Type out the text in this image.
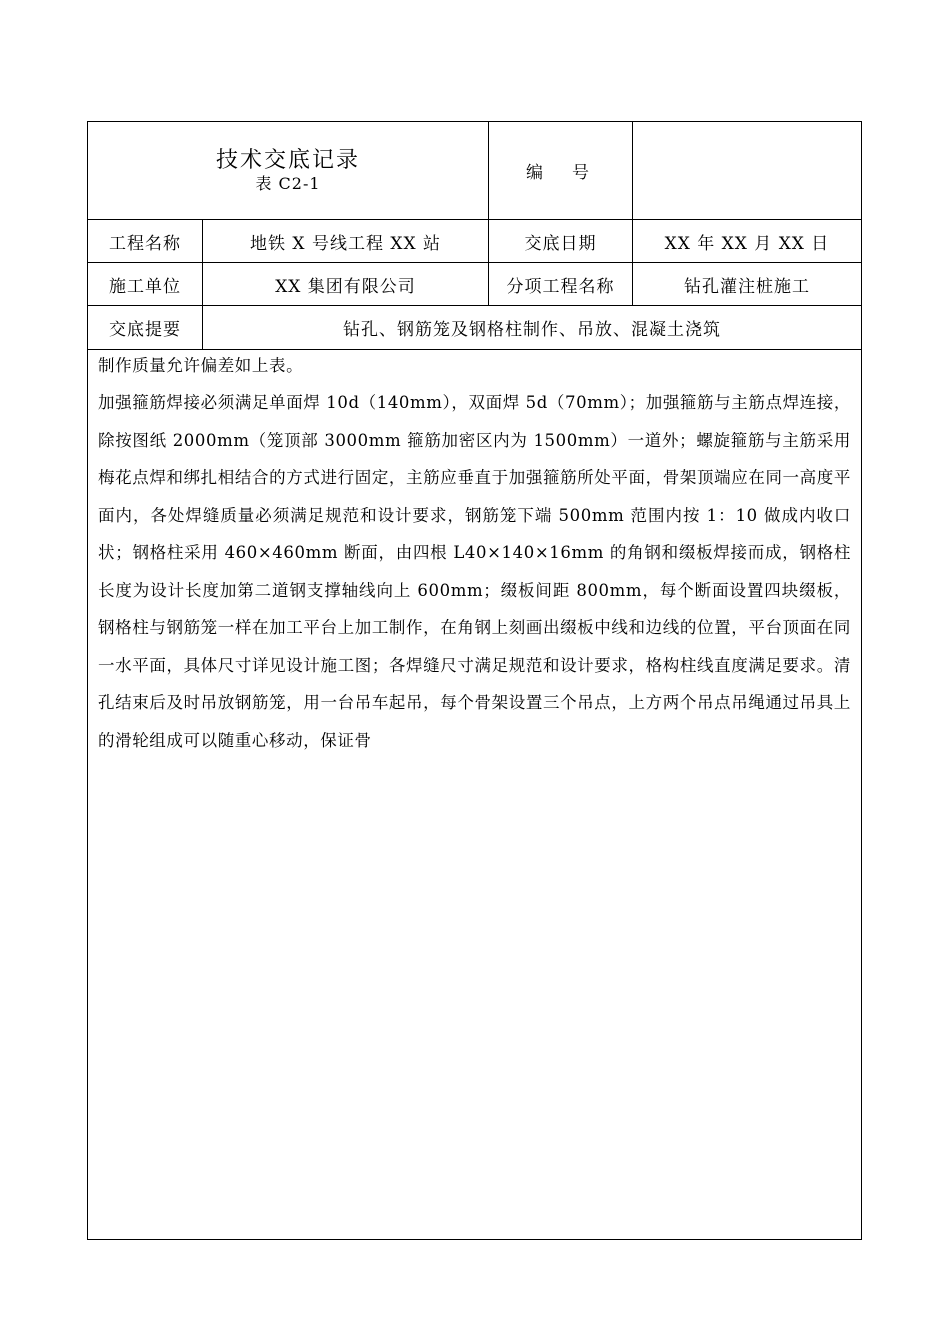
技术交底记录
表 C2-1	编　号
工程名称	地铁 X 号线工程 XX 站	交底日期	XX 年 XX 月 XX 日
施工单位	XX 集团有限公司	分项工程名称	钻孔灌注桩施工
交底提要	钻孔、钢筋笼及钢格柱制作、吊放、混凝土浇筑

制作质量允许偏差如上表。

加强箍筋焊接必须满足单面焊 10d（140mm），双面焊 5d（70mm）；加强箍筋与主筋点焊连接，除按图纸 2000mm（笼顶部 3000mm 箍筋加密区内为 1500mm）一道外；螺旋箍筋与主筋采用梅花点焊和绑扎相结合的方式进行固定，主筋应垂直于加强箍筋所处平面，骨架顶端应在同一高度平面内，各处焊缝质量必须满足规范和设计要求，钢筋笼下端 500mm 范围内按 1：10 做成内收口状；钢格柱采用 460×460mm 断面，由四根 L40×140×16mm 的角钢和缀板焊接而成，钢格柱长度为设计长度加第二道钢支撑轴线向上 600mm；缀板间距 800mm，每个断面设置四块缀板，钢格柱与钢筋笼一样在加工平台上加工制作，在角钢上刻画出缀板中线和边线的位置，平台顶面在同一水平面，具体尺寸详见设计施工图；各焊缝尺寸满足规范和设计要求，格构柱线直度满足要求。清孔结束后及时吊放钢筋笼，用一台吊车起吊，每个骨架设置三个吊点，上方两个吊点吊绳通过吊具上的滑轮组成可以随重心移动，保证骨
